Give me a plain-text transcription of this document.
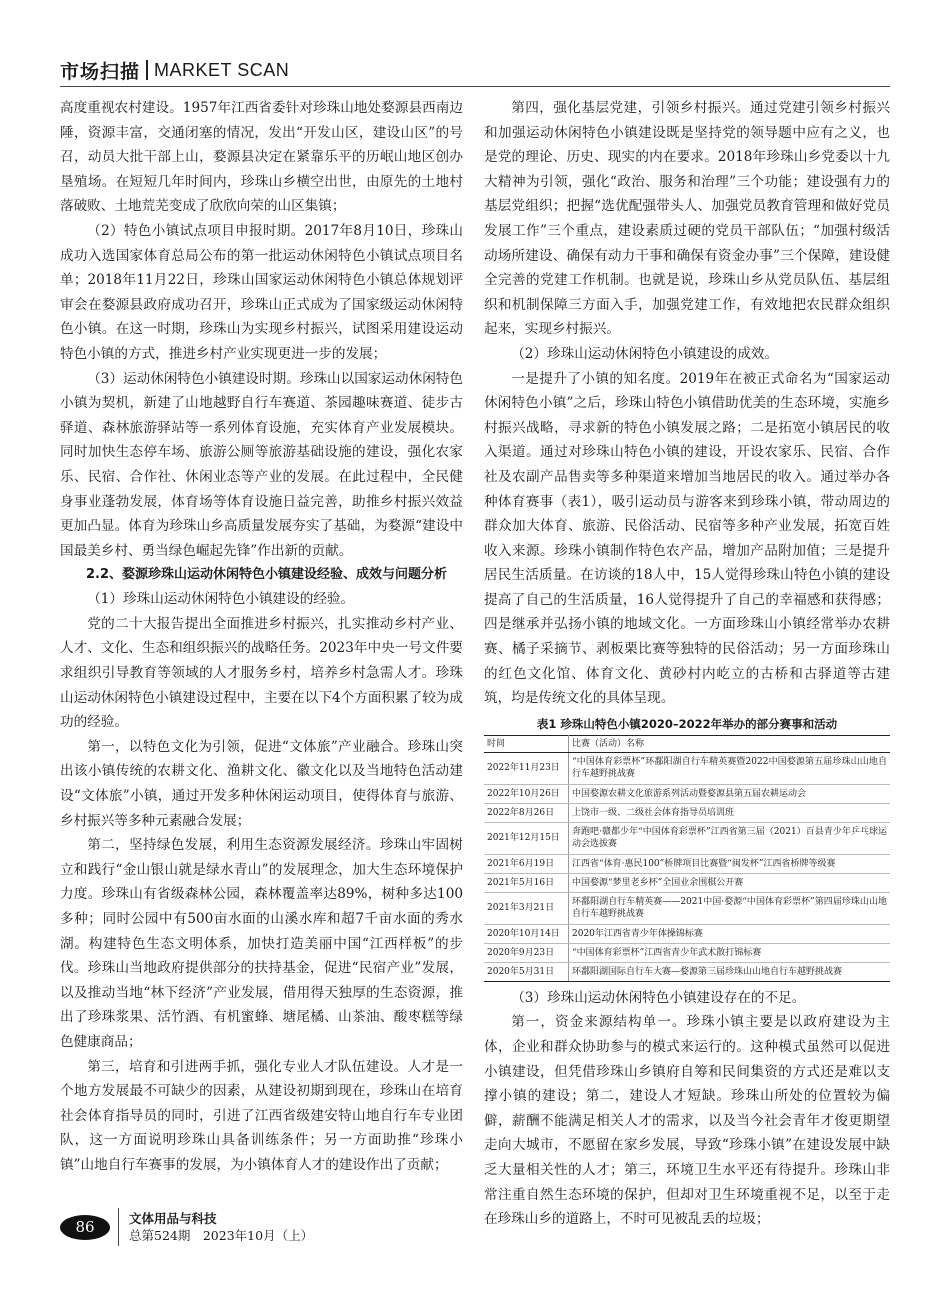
市场扫描 MARKET SCAN

高度重视农村建设。1957年江西省委针对珍珠山地处婺源县西南边陲，资源丰富，交通闭塞的情况，发出“开发山区，建设山区”的号召，动员大批干部上山，婺源县决定在紧靠乐平的历岷山地区创办垦殖场。在短短几年时间内，珍珠山乡横空出世，由原先的土地村落破败、土地荒芜变成了欣欣向荣的山区集镇；

（2）特色小镇试点项目申报时期。2017年8月10日，珍珠山成功入选国家体育总局公布的第一批运动休闲特色小镇试点项目名单；2018年11月22日，珍珠山国家运动休闲特色小镇总体规划评审会在婺源县政府成功召开，珍珠山正式成为了国家级运动休闲特色小镇。在这一时期，珍珠山为实现乡村振兴，试图采用建设运动特色小镇的方式，推进乡村产业实现更进一步的发展；

（3）运动休闲特色小镇建设时期。珍珠山以国家运动休闲特色小镇为契机，新建了山地越野自行车赛道、茶园趣味赛道、徒步古驿道、森林旅游驿站等一系列体育设施，充实体育产业发展模块。同时加快生态停车场、旅游公厕等旅游基础设施的建设，强化农家乐、民宿、合作社、休闲业态等产业的发展。在此过程中，全民健身事业蓬勃发展，体育场等体育设施日益完善，助推乡村振兴效益更加凸显。体育为珍珠山乡高质量发展夯实了基础，为婺源“建设中国最美乡村、勇当绿色崛起先锋”作出新的贡献。

2.2、婺源珍珠山运动休闲特色小镇建设经验、成效与问题分析

（1）珍珠山运动休闲特色小镇建设的经验。

党的二十大报告提出全面推进乡村振兴，扎实推动乡村产业、人才、文化、生态和组织振兴的战略任务。2023年中央一号文件要求组织引导教育等领域的人才服务乡村，培养乡村急需人才。珍珠山运动休闲特色小镇建设过程中，主要在以下4个方面积累了较为成功的经验。

第一，以特色文化为引领，促进“文体旅”产业融合。珍珠山突出该小镇传统的农耕文化、渔耕文化、徽文化以及当地特色活动建设“文体旅”小镇，通过开发多种休闲运动项目，使得体育与旅游、乡村振兴等多种元素融合发展；

第二，坚持绿色发展，利用生态资源发展经济。珍珠山牢固树立和践行“金山银山就是绿水青山”的发展理念，加大生态环境保护力度。珍珠山有省级森林公园，森林覆盖率达89%，树种多达100多种；同时公园中有500亩水面的山溪水库和超7千亩水面的秀水湖。构建特色生态文明体系，加快打造美丽中国“江西样板”的步伐。珍珠山当地政府提供部分的扶持基金，促进“民宿产业”发展，以及推动当地“林下经济”产业发展，借用得天独厚的生态资源，推出了珍珠浆果、活竹酒、有机蜜蜂、塘尾橘、山茶油、酸枣糕等绿色健康商品；

第三，培育和引进两手抓，强化专业人才队伍建设。人才是一个地方发展最不可缺少的因素，从建设初期到现在，珍珠山在培育社会体育指导员的同时，引进了江西省级建安特山地自行车专业团队，这一方面说明珍珠山具备训练条件；另一方面助推“珍珠小镇”山地自行车赛事的发展，为小镇体育人才的建设作出了贡献；

第四，强化基层党建，引领乡村振兴。通过党建引领乡村振兴和加强运动休闲特色小镇建设既是坚持党的领导题中应有之义，也是党的理论、历史、现实的内在要求。2018年珍珠山乡党委以十九大精神为引领，强化“政治、服务和治理”三个功能；建设强有力的基层党组织；把握“选优配强带头人、加强党员教育管理和做好党员发展工作”三个重点，建设素质过硬的党员干部队伍；“加强村级活动场所建设、确保有动力干事和确保有资金办事”三个保障，建设健全完善的党建工作机制。也就是说，珍珠山乡从党员队伍、基层组织和机制保障三方面入手，加强党建工作，有效地把农民群众组织起来，实现乡村振兴。

（2）珍珠山运动休闲特色小镇建设的成效。

一是提升了小镇的知名度。2019年在被正式命名为“国家运动休闲特色小镇”之后，珍珠山特色小镇借助优美的生态环境，实施乡村振兴战略，寻求新的特色小镇发展之路；二是拓宽小镇居民的收入渠道。通过对珍珠山特色小镇的建设，开设农家乐、民宿、合作社及农副产品售卖等多种渠道来增加当地居民的收入。通过举办各种体育赛事（表1），吸引运动员与游客来到珍珠小镇，带动周边的群众加大体育、旅游、民俗活动、民宿等多种产业发展，拓宽百姓收入来源。珍珠小镇制作特色农产品，增加产品附加值；三是提升居民生活质量。在访谈的18人中，15人觉得珍珠山特色小镇的建设提高了自己的生活质量，16人觉得提升了自己的幸福感和获得感；四是继承并弘扬小镇的地域文化。一方面珍珠山小镇经常举办农耕赛、橘子采摘节、剥板栗比赛等独特的民俗活动；另一方面珍珠山的红色文化馆、体育文化、黄砂村内屹立的古桥和古驿道等古建筑，均是传统文化的具体呈现。

表1 珍珠山特色小镇2020–2022年举办的部分赛事和活动
时间	比赛（活动）名称
2022年11月23日	“中国体育彩票杯”环鄱阳湖自行车精英赛暨2022中国婺源第五届珍珠山山地自行车越野挑战赛
2022年10月26日	中国婺源农耕文化旅游系列活动暨婺源县第五届农耕运动会
2022年8月26日	上饶市一级、二级社会体育指导员培训班
2021年12月15日	奔跑吧·赣都少年“中国体育彩票杯”江西省第三届（2021）百县青少年乒乓球运动会选拔赛
2021年6月19日	江西省“体育·惠民100”桥牌项目比赛暨“闽发杯”江西省桥牌等级赛
2021年5月16日	中国婺源“梦里老乡杯”全国业余围棋公开赛
2021年3月21日	环鄱阳湖自行车精英赛——2021中国·婺源“中国体育彩票杯”第四届珍珠山山地自行车越野挑战赛
2020年10月14日	2020年江西省青少年体操锦标赛
2020年9月23日	“中国体育彩票杯”江西省青少年武术散打锦标赛
2020年5月31日	环鄱阳湖国际自行车大赛—婺源第三届珍珠山山地自行车越野挑战赛

（3）珍珠山运动休闲特色小镇建设存在的不足。

第一，资金来源结构单一。珍珠小镇主要是以政府建设为主体，企业和群众协助参与的模式来运行的。这种模式虽然可以促进小镇建设，但凭借珍珠山乡镇府自筹和民间集资的方式还是难以支撑小镇的建设；第二，建设人才短缺。珍珠山所处的位置较为偏僻，薪酬不能满足相关人才的需求，以及当今社会青年才俊更期望走向大城市，不愿留在家乡发展，导致“珍珠小镇”在建设发展中缺乏大量相关性的人才；第三，环境卫生水平还有待提升。珍珠山非常注重自然生态环境的保护，但却对卫生环境重视不足，以至于走在珍珠山乡的道路上，不时可见被乱丢的垃圾；

86	文体用品与科技
总第524期　2023年10月（上）
